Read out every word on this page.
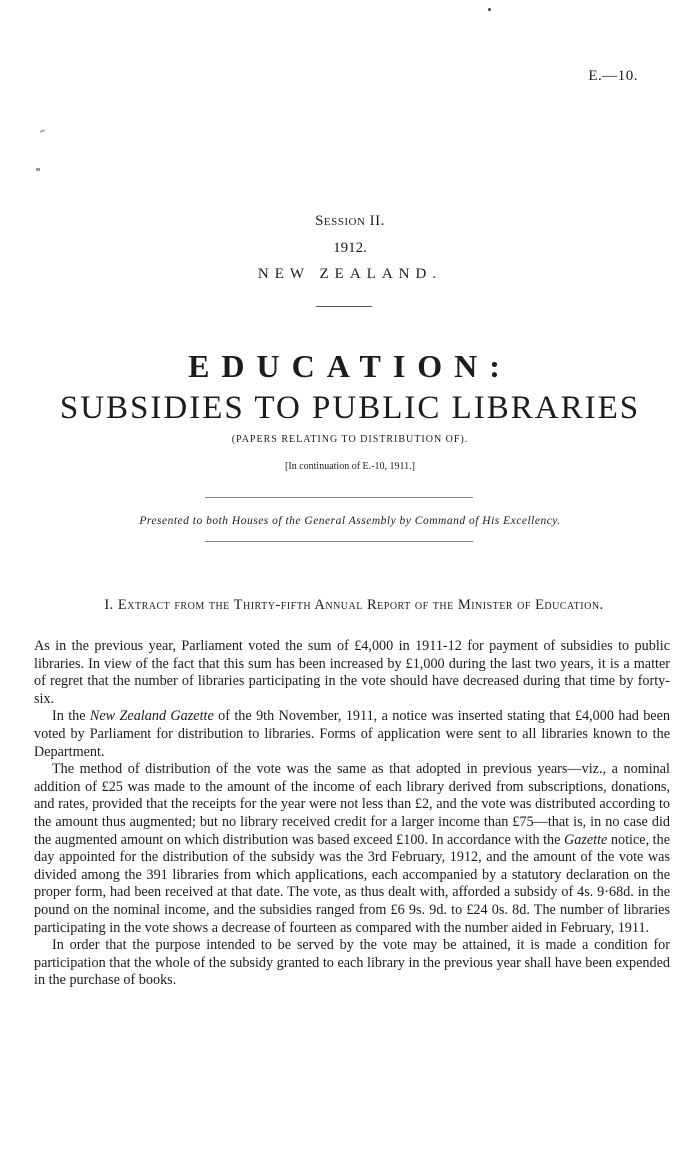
E.—10.
Session II.
1912.
NEW ZEALAND.
EDUCATION:
SUBSIDIES TO PUBLIC LIBRARIES
(PAPERS RELATING TO DISTRIBUTION OF).
[In continuation of E.-10, 1911.]
Presented to both Houses of the General Assembly by Command of His Excellency.
I. Extract from the Thirty-fifth Annual Report of the Minister of Education.

As in the previous year, Parliament voted the sum of £4,000 in 1911-12 for payment of subsidies to public libraries. In view of the fact that this sum has been increased by £1,000 during the last two years, it is a matter of regret that the number of libraries participating in the vote should have decreased during that time by forty-six.

In the New Zealand Gazette of the 9th November, 1911, a notice was inserted stating that £4,000 had been voted by Parliament for distribution to libraries. Forms of application were sent to all libraries known to the Department.

The method of distribution of the vote was the same as that adopted in previous years—viz., a nominal addition of £25 was made to the amount of the income of each library derived from subscriptions, donations, and rates, provided that the receipts for the year were not less than £2, and the vote was distributed according to the amount thus augmented; but no library received credit for a larger income than £75—that is, in no case did the augmented amount on which distribution was based exceed £100. In accordance with the Gazette notice, the day appointed for the distribution of the subsidy was the 3rd February, 1912, and the amount of the vote was divided among the 391 libraries from which applications, each accompanied by a statutory declaration on the proper form, had been received at that date. The vote, as thus dealt with, afforded a subsidy of 4s. 9·68d. in the pound on the nominal income, and the subsidies ranged from £6 9s. 9d. to £24 0s. 8d. The number of libraries participating in the vote shows a decrease of fourteen as compared with the number aided in February, 1911.

In order that the purpose intended to be served by the vote may be attained, it is made a condition for participation that the whole of the subsidy granted to each library in the previous year shall have been expended in the purchase of books.
